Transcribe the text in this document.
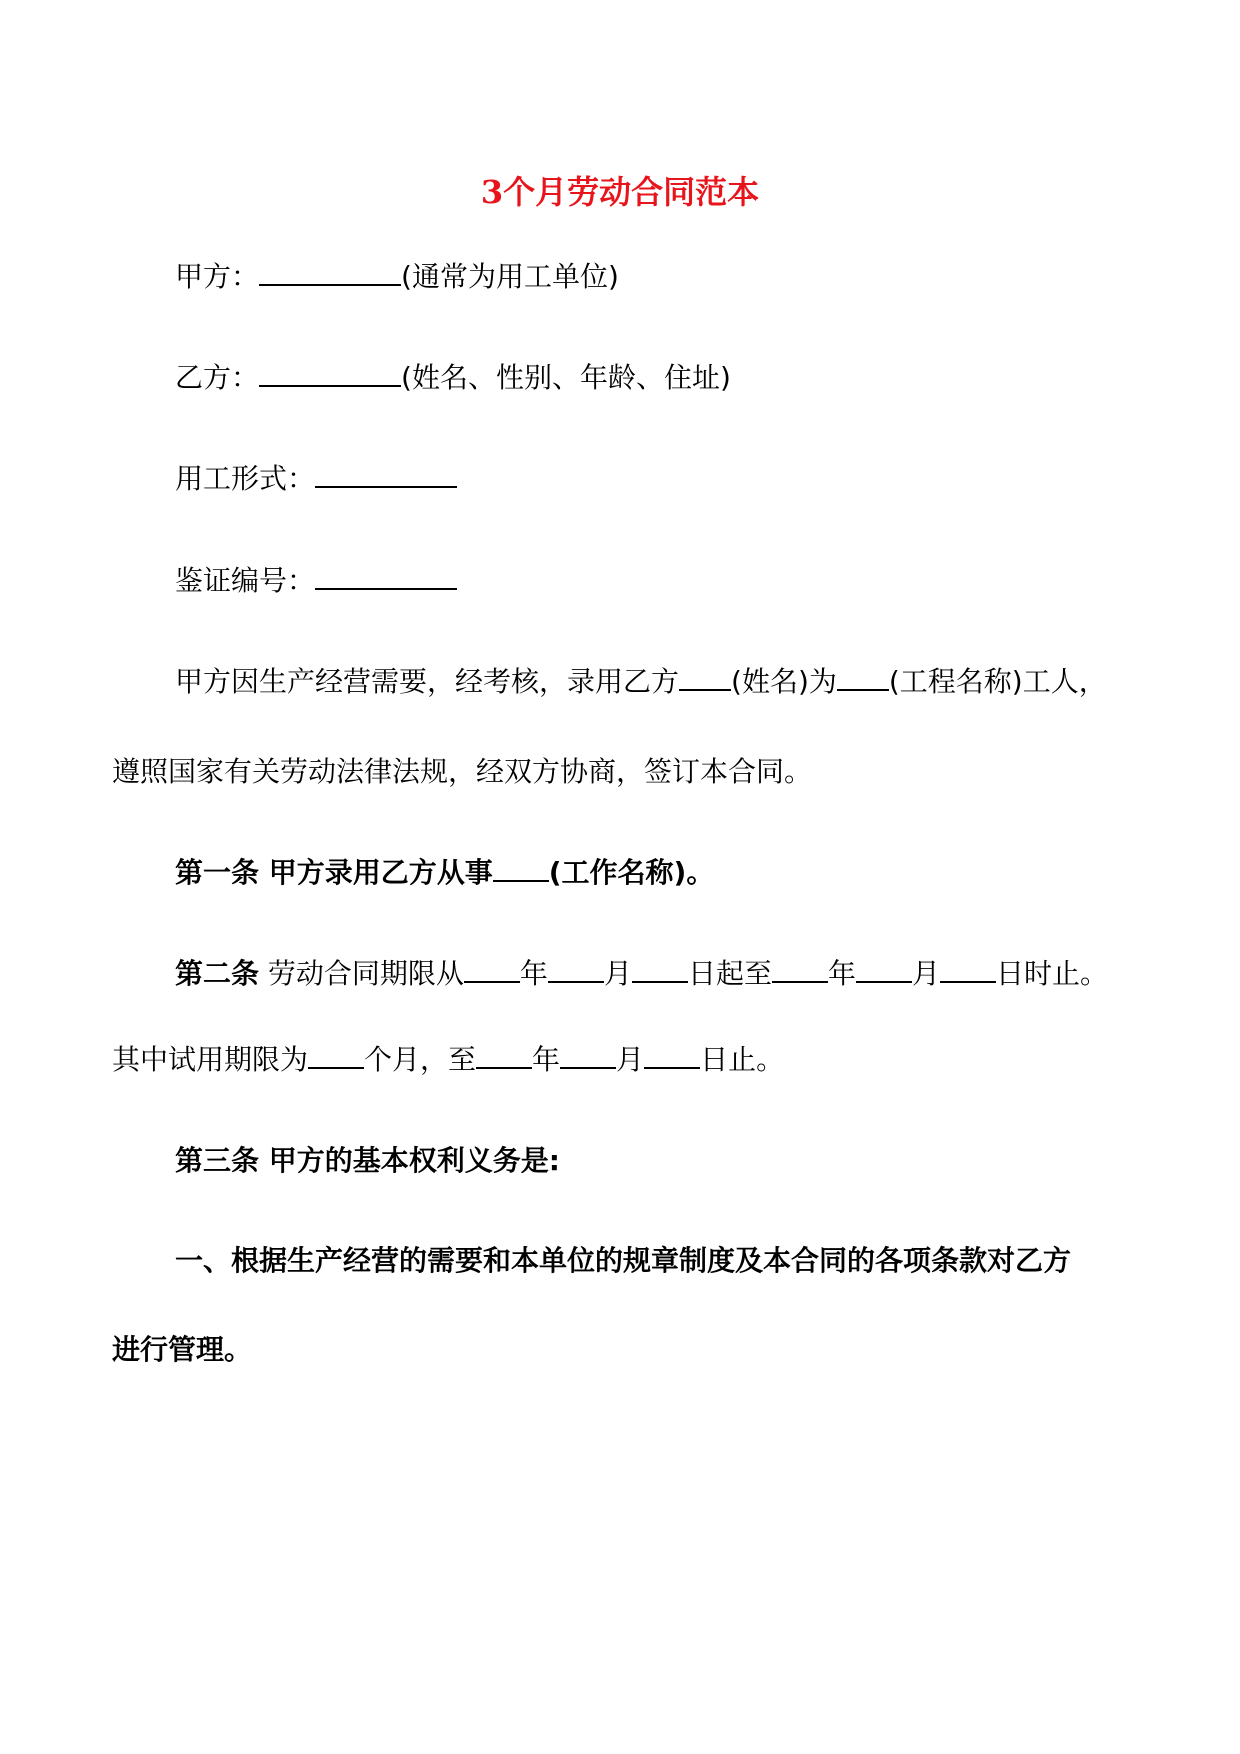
3个月劳动合同范本
甲方：	(通常为用工单位)
乙方：	(姓名、性别、年龄、住址)
用工形式：
鉴证编号：
甲方因生产经营需要，经考核，录用乙方 (姓名)为 (工程名称)工人，
遵照国家有关劳动法律法规，经双方协商，签订本合同。
第一条 甲方录用乙方从事 (工作名称)。
第二条 劳动合同期限从 年 月 日起至 年 月 日时止。
其中试用期限为 个月，至 年 月 日止。
第三条 甲方的基本权利义务是:
一、根据生产经营的需要和本单位的规章制度及本合同的各项条款对乙方
进行管理。
